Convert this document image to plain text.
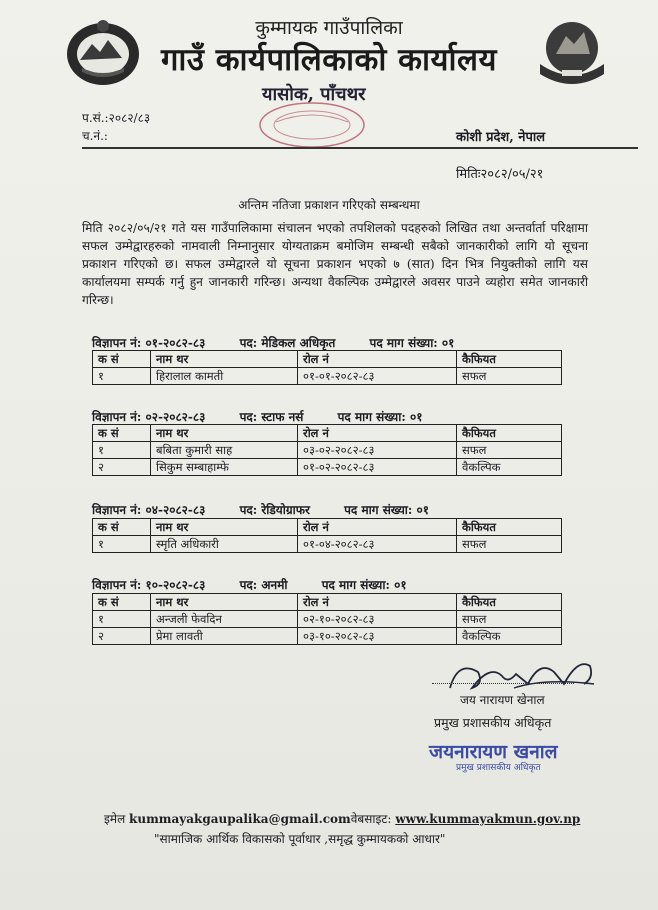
कुम्मायक गाउँपालिका
गाउँ कार्यपालिकाको कार्यालय
यासोक, पाँचथर
प.सं.:२०८२/८३
च.नं.:	कोशी प्रदेश, नेपाल
मितिः२०८२/०५/२१
अन्तिम नतिजा प्रकाशन गरिएको सम्बन्धमा
मिति २०८२/०५/२१ गते यस गाउँपालिकामा संचालन भएको तपशिलको पदहरुको लिखित तथा अन्तर्वार्ता परिक्षामा सफल उम्मेद्वारहरुको नामवाली निम्नानुसार योग्यताक्रम बमोजिम सम्बन्धी सबैको जानकारीको लागि यो सूचना प्रकाशन गरिएको छ। सफल उम्मेद्वारले यो सूचना प्रकाशन भएको ७ (सात) दिन भित्र नियुक्तीको लागि यस कार्यालयमा सम्पर्क गर्नु हुन जानकारी गरिन्छ। अन्यथा वैकल्पिक उम्मेद्वारले अवसर पाउने व्यहोरा समेत जानकारी गरिन्छ।
विज्ञापन नं: ०१-२०८२-८३	पद: मेडिकल अधिकृत	पद माग संख्या: ०१
क सं	नाम थर	रोल नं	कैफियत
१	हिरालाल कामती	०१-०१-२०८२-८३	सफल
विज्ञापन नं: ०२-२०८२-८३	पद: स्टाफ नर्स	पद माग संख्या: ०१
क सं	नाम थर	रोल नं	कैफियत
१	बबिता कुमारी साह	०३-०२-२०८२-८३	सफल
२	सिकुम सम्बाहाम्फे	०१-०२-२०८२-८३	वैकल्पिक
विज्ञापन नं: ०४-२०८२-८३	पद: रेडियोग्राफर	पद माग संख्या: ०१
क सं	नाम थर	रोल नं	कैफियत
१	स्मृति अधिकारी	०१-०४-२०८२-८३	सफल
विज्ञापन नं: १०-२०८२-८३	पद: अनमी	पद माग संख्या: ०१
क सं	नाम थर	रोल नं	कैफियत
१	अन्जली फेवदिन	०२-१०-२०८२-८३	सफल
२	प्रेमा लावती	०३-१०-२०८२-८३	वैकल्पिक
जय नारायण खेनाल
प्रमुख प्रशासकीय अधिकृत
जयनारायण खनाल
प्रमुख प्रशासकीय अधिकृत
इमेल kummayakgaupalika@gmail.comवेबसाइट: www.kummayakmun.gov.np
"सामाजिक आर्थिक विकासको पूर्वाधार ,समृद्ध कुम्मायकको आधार"
